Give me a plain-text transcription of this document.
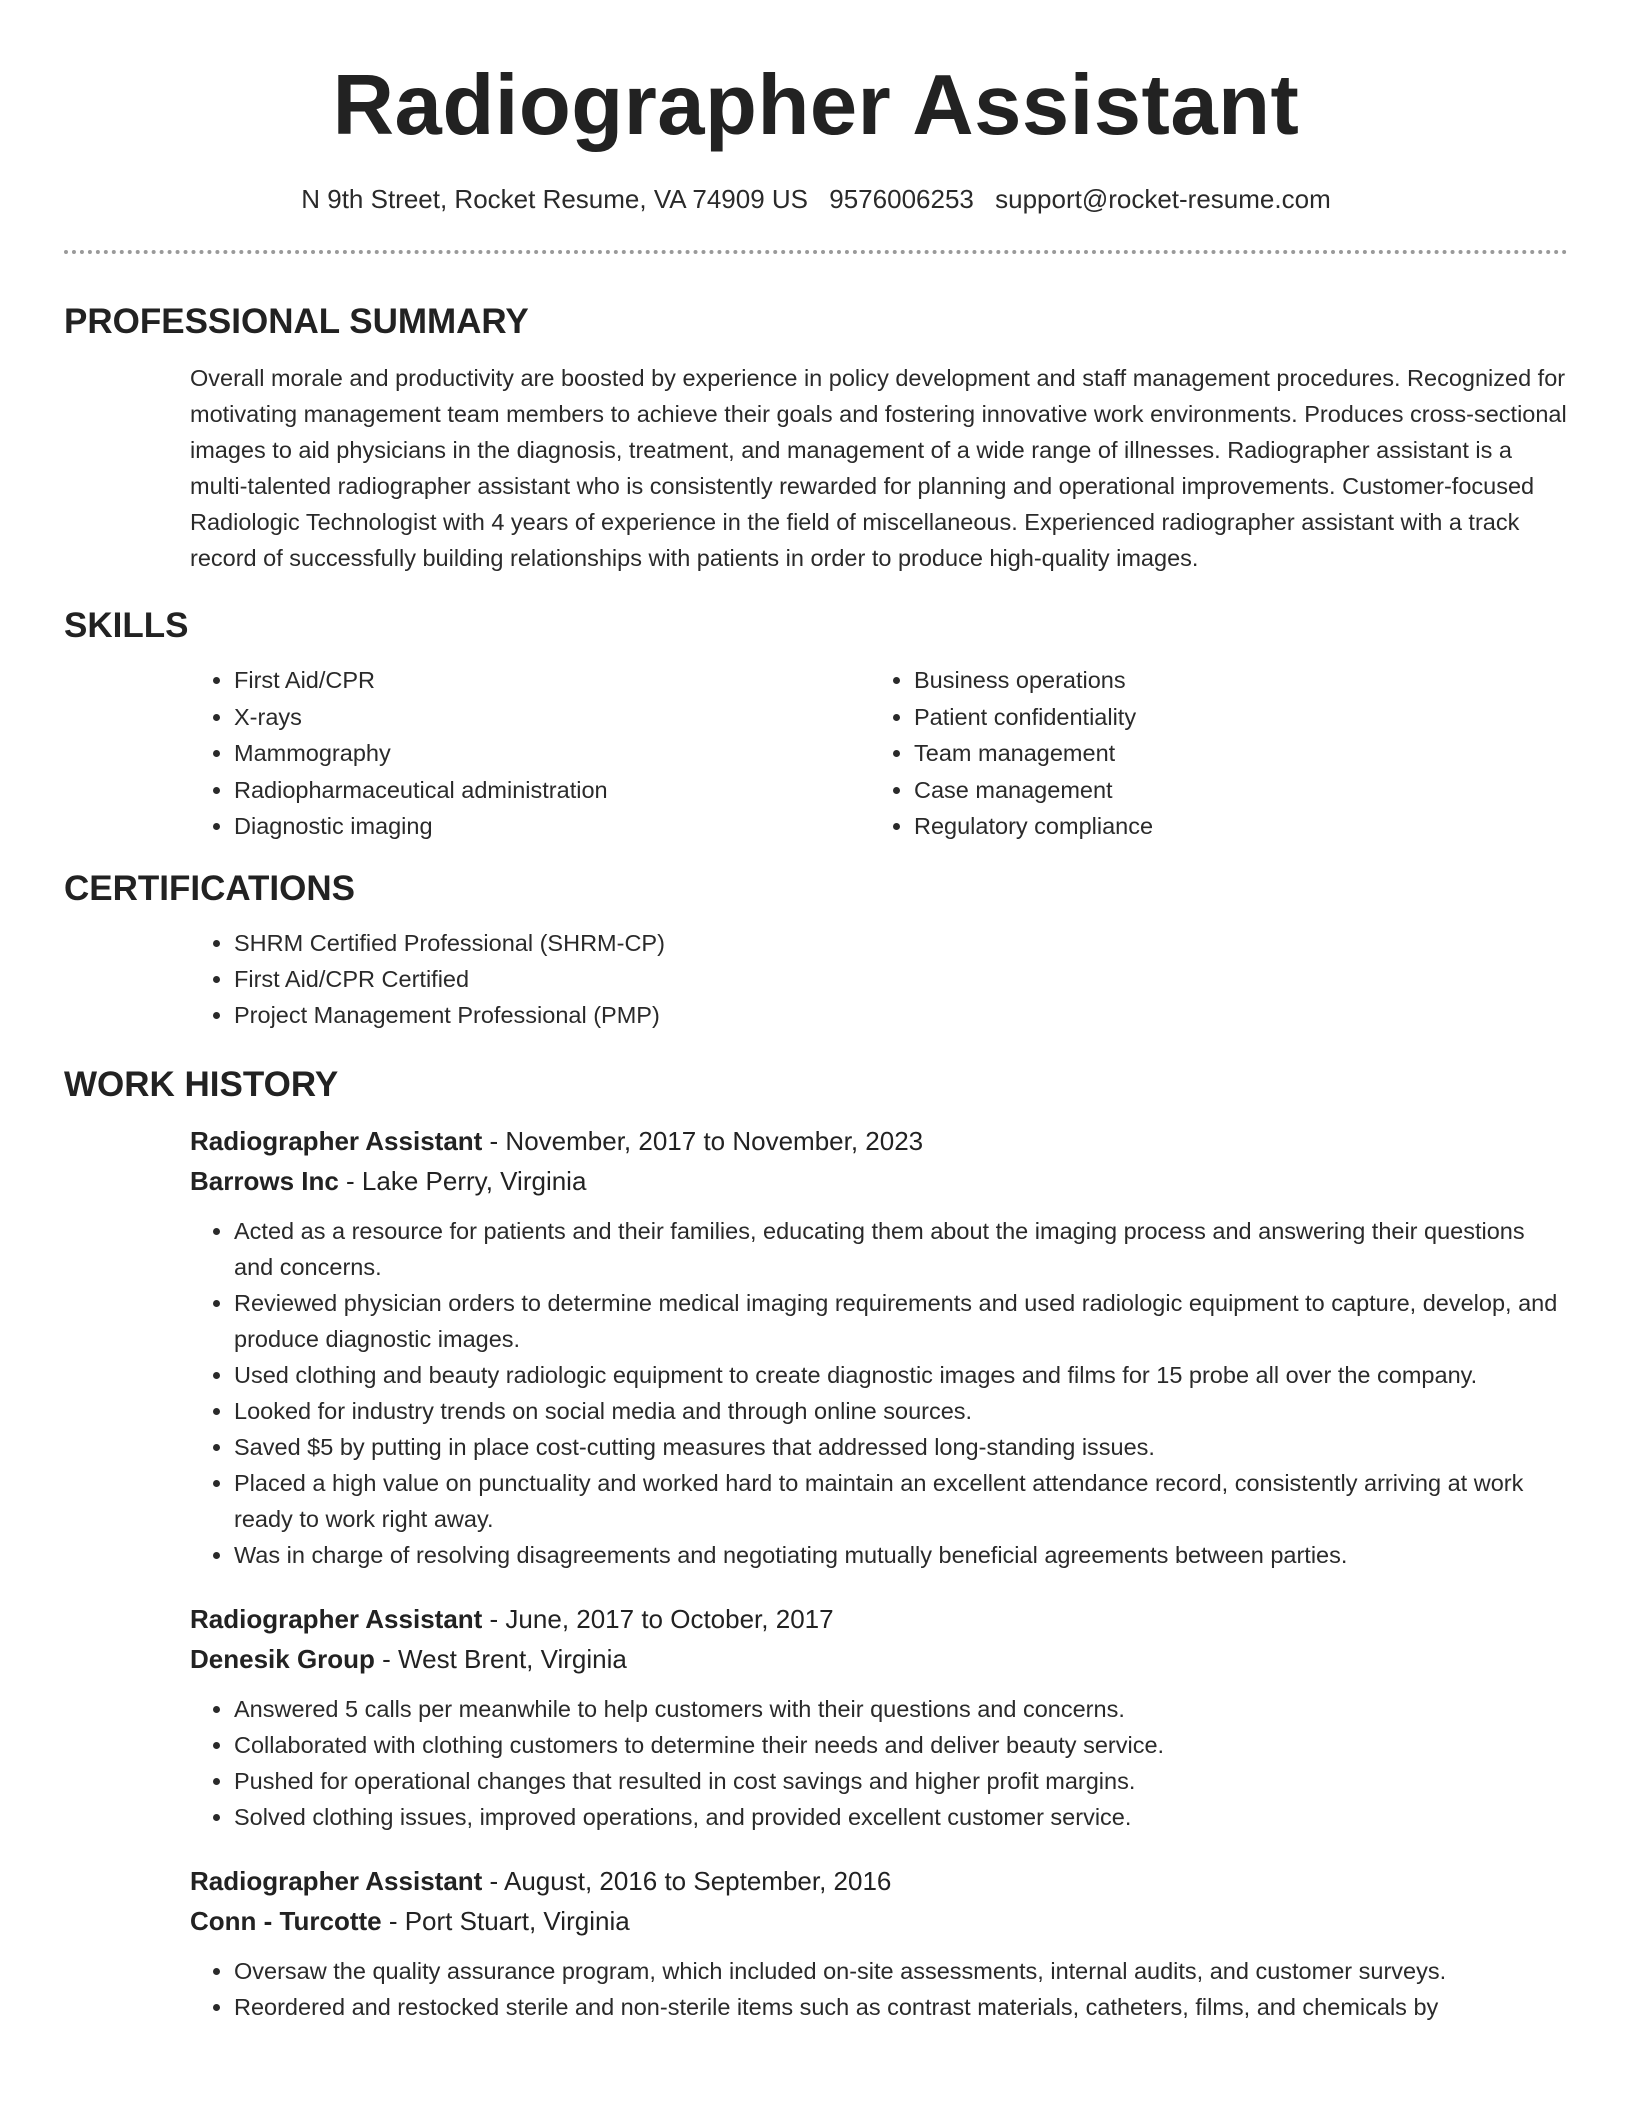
Radiographer Assistant
N 9th Street, Rocket Resume, VA 74909 US 9576006253 support@rocket-resume.com
PROFESSIONAL SUMMARY

Overall morale and productivity are boosted by experience in policy development and staff management procedures. Recognized for motivating management team members to achieve their goals and fostering innovative work environments. Produces cross-sectional images to aid physicians in the diagnosis, treatment, and management of a wide range of illnesses. Radiographer assistant is a multi-talented radiographer assistant who is consistently rewarded for planning and operational improvements. Customer-focused Radiologic Technologist with 4 years of experience in the field of miscellaneous. Experienced radiographer assistant with a track record of successfully building relationships with patients in order to produce high-quality images.

SKILLS
• First Aid/CPR
• X-rays
• Mammography
• Radiopharmaceutical administration
• Diagnostic imaging
• Business operations
• Patient confidentiality
• Team management
• Case management
• Regulatory compliance
CERTIFICATIONS
• SHRM Certified Professional (SHRM-CP)
• First Aid/CPR Certified
• Project Management Professional (PMP)
WORK HISTORY
Radiographer Assistant - November, 2017 to November, 2023
Barrows Inc - Lake Perry, Virginia
• Acted as a resource for patients and their families, educating them about the imaging process and answering their questions and concerns.
• Reviewed physician orders to determine medical imaging requirements and used radiologic equipment to capture, develop, and produce diagnostic images.
• Used clothing and beauty radiologic equipment to create diagnostic images and films for 15 probe all over the company.
• Looked for industry trends on social media and through online sources.
• Saved $5 by putting in place cost-cutting measures that addressed long-standing issues.
• Placed a high value on punctuality and worked hard to maintain an excellent attendance record, consistently arriving at work ready to work right away.
• Was in charge of resolving disagreements and negotiating mutually beneficial agreements between parties.
Radiographer Assistant - June, 2017 to October, 2017
Denesik Group - West Brent, Virginia
• Answered 5 calls per meanwhile to help customers with their questions and concerns.
• Collaborated with clothing customers to determine their needs and deliver beauty service.
• Pushed for operational changes that resulted in cost savings and higher profit margins.
• Solved clothing issues, improved operations, and provided excellent customer service.
Radiographer Assistant - August, 2016 to September, 2016
Conn - Turcotte - Port Stuart, Virginia
• Oversaw the quality assurance program, which included on-site assessments, internal audits, and customer surveys.
• Reordered and restocked sterile and non-sterile items such as contrast materials, catheters, films, and chemicals by
